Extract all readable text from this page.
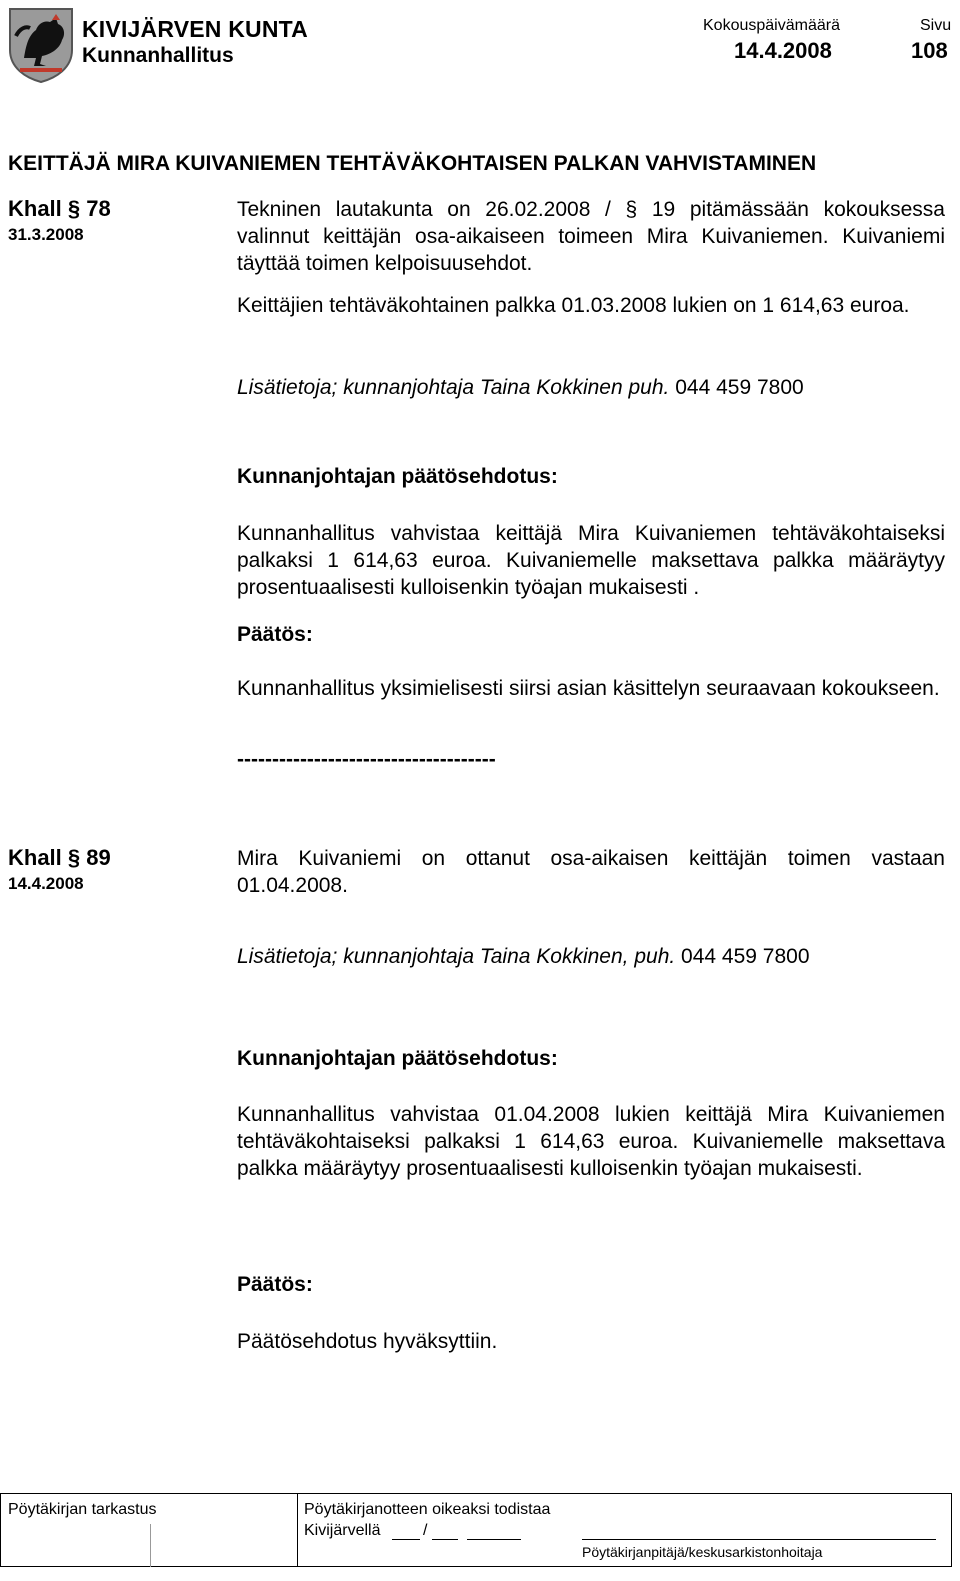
KIVIJÄRVEN KUNTA
Kunnanhallitus
Kokouspäivämäärä
14.4.2008
Sivu
108
KEITTÄJÄ MIRA KUIVANIEMEN TEHTÄVÄKOHTAISEN PALKAN VAHVISTAMINEN
Khall § 78
31.3.2008
Tekninen lautakunta on 26.02.2008 / § 19 pitämässään kokouksessa valinnut keittäjän osa-aikaiseen toimeen Mira Kuivaniemen. Kuivaniemi täyttää toimen kelpoisuusehdot.
Keittäjien tehtäväkohtainen palkka 01.03.2008 lukien on 1 614,63 euroa.
Lisätietoja; kunnanjohtaja Taina Kokkinen puh. 044 459 7800
Kunnanjohtajan päätösehdotus:
Kunnanhallitus vahvistaa keittäjä Mira Kuivaniemen tehtäväkohtaiseksi palkaksi 1 614,63 euroa. Kuivaniemelle maksettava palkka määräytyy prosentuaalisesti kulloisenkin työajan mukaisesti .
Päätös:
Kunnanhallitus yksimielisesti siirsi asian käsittelyn seuraavaan kokoukseen.
-------------------------------------
Khall § 89
14.4.2008
Mira Kuivaniemi on ottanut osa-aikaisen keittäjän toimen vastaan 01.04.2008.
Lisätietoja; kunnanjohtaja Taina Kokkinen, puh. 044 459 7800
Kunnanjohtajan päätösehdotus:
Kunnanhallitus vahvistaa 01.04.2008 lukien keittäjä Mira Kuivaniemen tehtäväkohtaiseksi palkaksi 1 614,63 euroa. Kuivaniemelle maksettava palkka määräytyy prosentuaalisesti kulloisenkin työajan mukaisesti.
Päätös:
Päätösehdotus hyväksyttiin.
Pöytäkirjan tarkastus	Pöytäkirjanotteen oikeaksi todistaa
Kivijärvellä	/
Pöytäkirjanpitäjä/keskusarkistonhoitaja
